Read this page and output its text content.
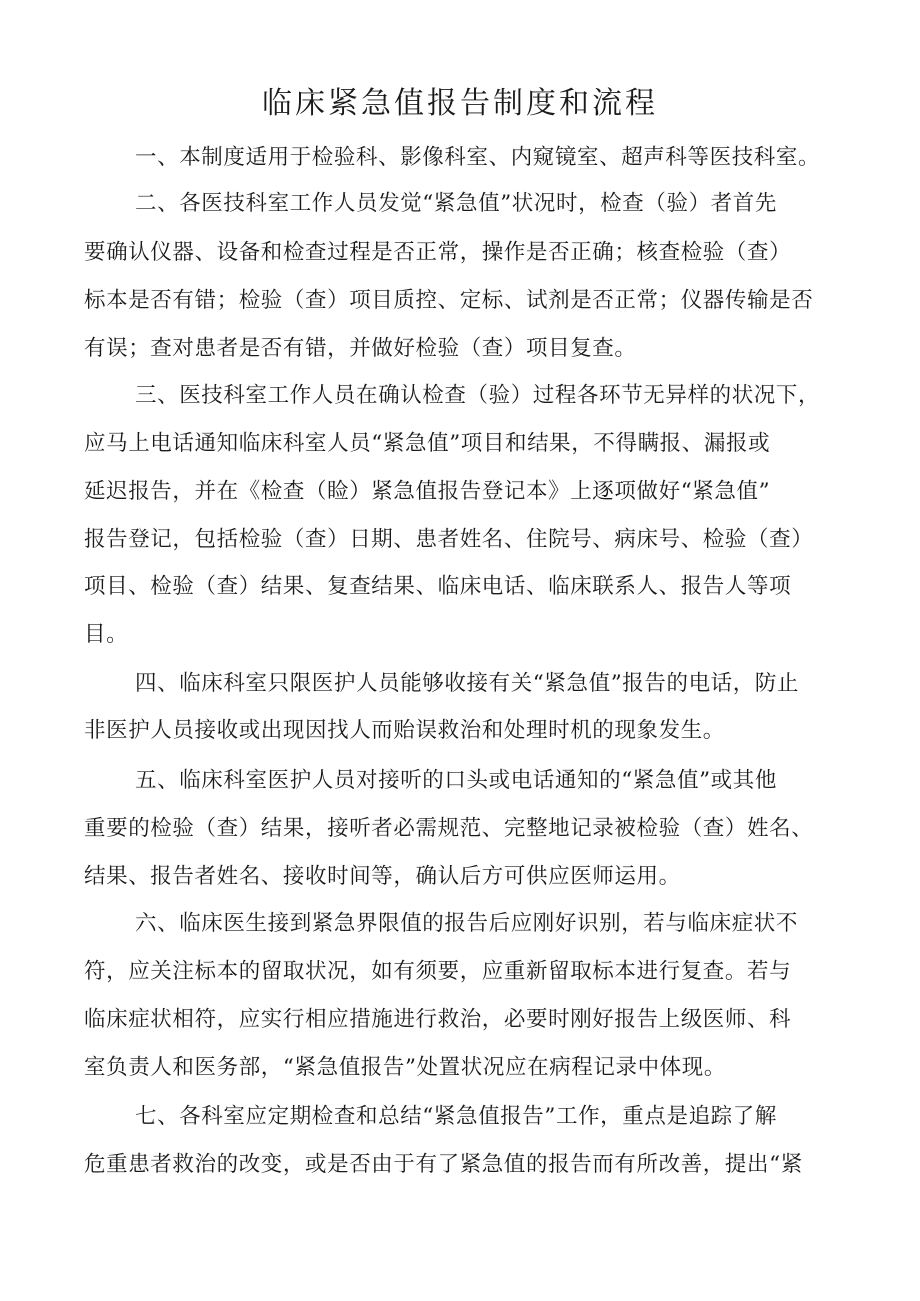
临床紧急值报告制度和流程

一、本制度适用于检验科、影像科室、内窥镜室、超声科等医技科室。

二、各医技科室工作人员发觉“紧急值”状况时，检查（验）者首先

要确认仪器、设备和检查过程是否正常，操作是否正确；核查检验（查）

标本是否有错；检验（查）项目质控、定标、试剂是否正常；仪器传输是否

有误；查对患者是否有错，并做好检验（查）项目复查。

三、医技科室工作人员在确认检查（验）过程各环节无异样的状况下，

应马上电话通知临床科室人员“紧急值”项目和结果，不得瞒报、漏报或

延迟报告，并在《检查（睑）紧急值报告登记本》上逐项做好“紧急值”

报告登记，包括检验（查）日期、患者姓名、住院号、病床号、检验（查）

项目、检验（查）结果、复查结果、临床电话、临床联系人、报告人等项

目。

四、临床科室只限医护人员能够收接有关“紧急值”报告的电话，防止

非医护人员接收或出现因找人而贻误救治和处理时机的现象发生。

五、临床科室医护人员对接听的口头或电话通知的“紧急值”或其他

重要的检验（查）结果，接听者必需规范、完整地记录被检验（查）姓名、

结果、报告者姓名、接收时间等，确认后方可供应医师运用。

六、临床医生接到紧急界限值的报告后应刚好识别，若与临床症状不

符，应关注标本的留取状况，如有须要，应重新留取标本进行复查。若与

临床症状相符，应实行相应措施进行救治，必要时刚好报告上级医师、科

室负责人和医务部，“紧急值报告”处置状况应在病程记录中体现。

七、各科室应定期检查和总结“紧急值报告”工作，重点是追踪了解

危重患者救治的改变，或是否由于有了紧急值的报告而有所改善，提出“紧
